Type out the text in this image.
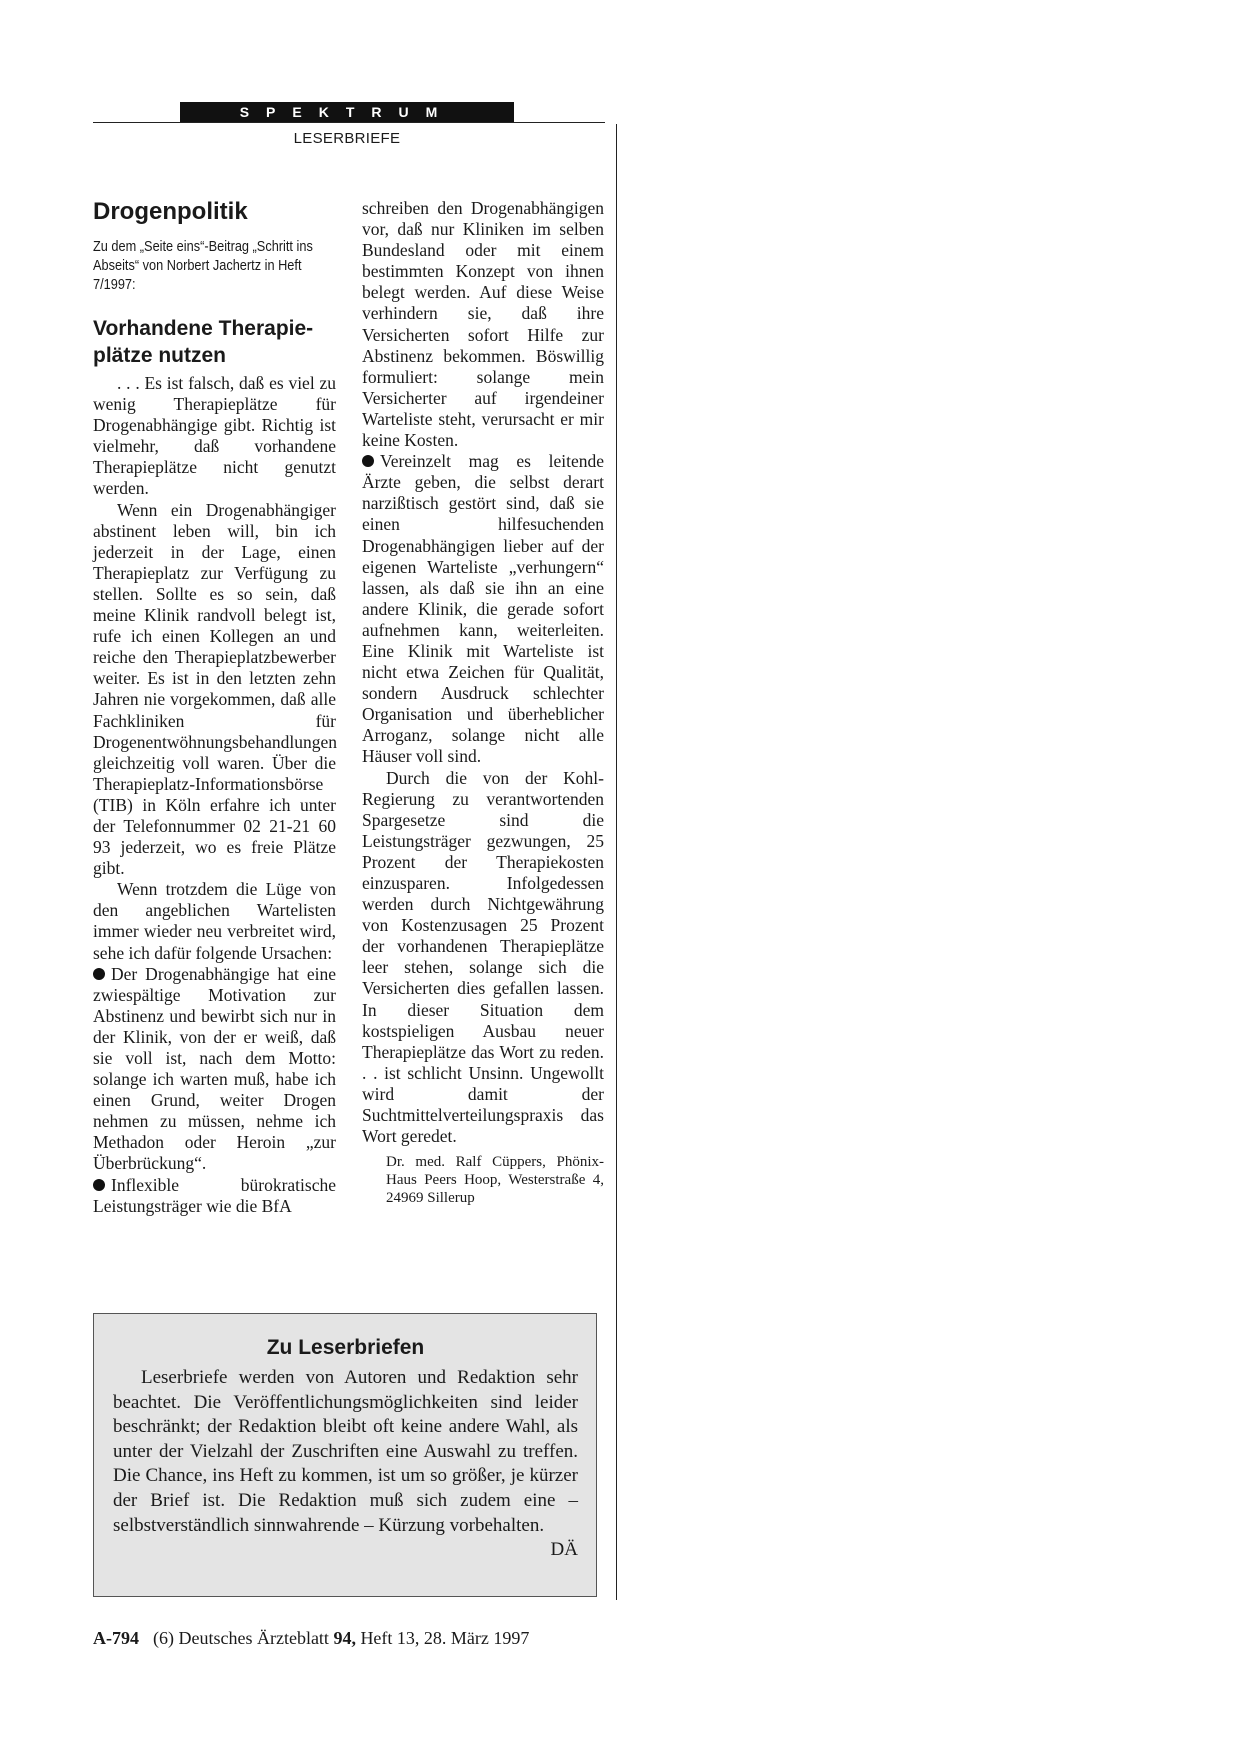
SPEKTRUM
LESERBRIEFE
Drogenpolitik

Zu dem „Seite eins“-Beitrag „Schritt ins Abseits“ von Norbert Jachertz in Heft 7/1997:

Vorhandene Therapie-
plätze nutzen

. . . Es ist falsch, daß es viel zu wenig Therapieplätze für Drogenabhängige gibt. Richtig ist vielmehr, daß vorhandene Therapieplätze nicht genutzt werden.

Wenn ein Drogenabhängiger abstinent leben will, bin ich jederzeit in der Lage, einen Therapieplatz zur Verfügung zu stellen. Sollte es so sein, daß meine Klinik randvoll belegt ist, rufe ich einen Kollegen an und reiche den Therapieplatzbewerber weiter. Es ist in den letzten zehn Jahren nie vorgekommen, daß alle Fachkliniken für Drogenentwöhnungsbehandlungen gleichzeitig voll waren. Über die Therapieplatz-Informationsbörse (TIB) in Köln erfahre ich unter der Telefonnummer 02 21-21 60 93 jederzeit, wo es freie Plätze gibt.

Wenn trotzdem die Lüge von den angeblichen Wartelisten immer wieder neu verbreitet wird, sehe ich dafür folgende Ursachen:

Der Drogenabhängige hat eine zwiespältige Motivation zur Abstinenz und bewirbt sich nur in der Klinik, von der er weiß, daß sie voll ist, nach dem Motto: solange ich warten muß, habe ich einen Grund, weiter Drogen nehmen zu müssen, nehme ich Methadon oder Heroin „zur Überbrückung“.

Inflexible bürokratische Leistungsträger wie die BfA

schreiben den Drogenabhängigen vor, daß nur Kliniken im selben Bundesland oder mit einem bestimmten Konzept von ihnen belegt werden. Auf diese Weise verhindern sie, daß ihre Versicherten sofort Hilfe zur Abstinenz bekommen. Böswillig formuliert: solange mein Versicherter auf irgendeiner Warteliste steht, verursacht er mir keine Kosten.

Vereinzelt mag es leitende Ärzte geben, die selbst derart narzißtisch gestört sind, daß sie einen hilfesuchenden Drogenabhängigen lieber auf der eigenen Warteliste „verhungern“ lassen, als daß sie ihn an eine andere Klinik, die gerade sofort aufnehmen kann, weiterleiten. Eine Klinik mit Warteliste ist nicht etwa Zeichen für Qualität, sondern Ausdruck schlechter Organisation und überheblicher Arroganz, solange nicht alle Häuser voll sind.

Durch die von der Kohl-Regierung zu verantwortenden Spargesetze sind die Leistungsträger gezwungen, 25 Prozent der Therapiekosten einzusparen. Infolgedessen werden durch Nichtgewährung von Kostenzusagen 25 Prozent der vorhandenen Therapieplätze leer stehen, solange sich die Versicherten dies gefallen lassen. In dieser Situation dem kostspieligen Ausbau neuer Therapieplätze das Wort zu reden. . . ist schlicht Unsinn. Ungewollt wird damit der Suchtmittelverteilungspraxis das Wort geredet.

Dr. med. Ralf Cüppers, Phönix-Haus Peers Hoop, Westerstraße 4, 24969 Sillerup

Zu Leserbriefen

Leserbriefe werden von Autoren und Redaktion sehr beachtet. Die Veröffentlichungsmöglichkeiten sind leider beschränkt; der Redaktion bleibt oft keine andere Wahl, als unter der Vielzahl der Zuschriften eine Auswahl zu treffen. Die Chance, ins Heft zu kommen, ist um so größer, je kürzer der Brief ist. Die Redaktion muß sich zudem eine – selbstverständlich sinnwahrende – Kürzung vorbehalten.
DÄ

A-794 (6) Deutsches Ärzteblatt 94, Heft 13, 28. März 1997
